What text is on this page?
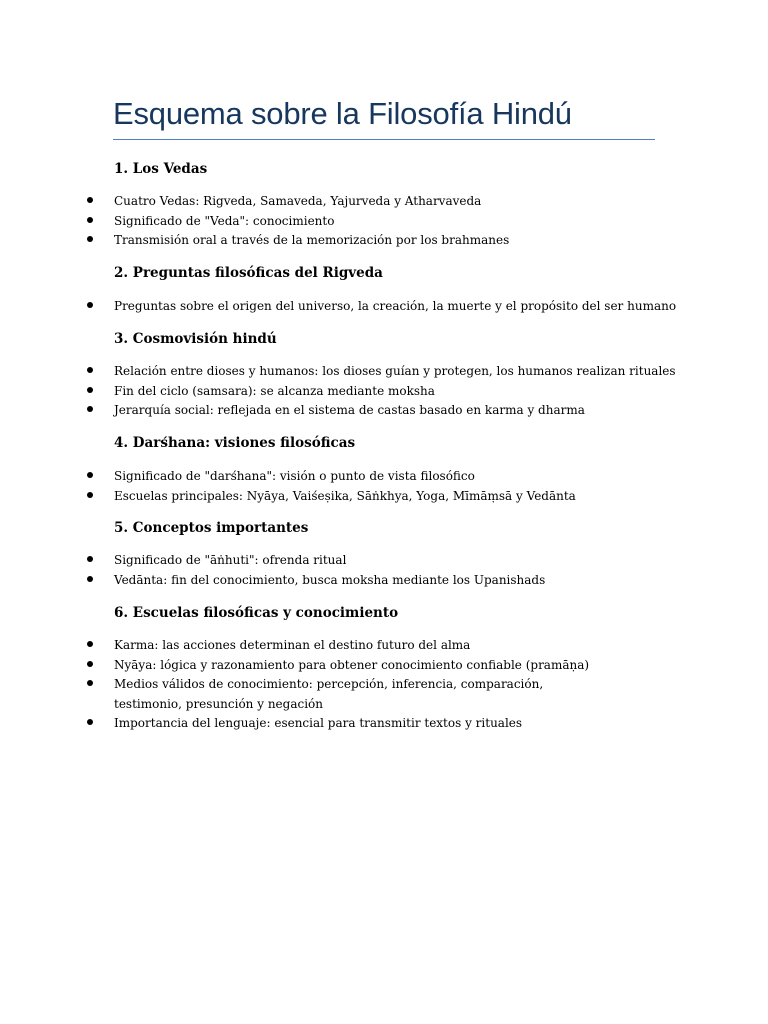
Esquema sobre la Filosofía Hindú
1. Los Vedas
Cuatro Vedas: Rigveda, Samaveda, Yajurveda y Atharvaveda
Significado de "Veda": conocimiento
Transmisión oral a través de la memorización por los brahmanes
2. Preguntas filosóficas del Rigveda
Preguntas sobre el origen del universo, la creación, la muerte y el propósito del ser humano
3. Cosmovisión hindú
Relación entre dioses y humanos: los dioses guían y protegen, los humanos realizan rituales
Fin del ciclo (samsara): se alcanza mediante moksha
Jerarquía social: reflejada en el sistema de castas basado en karma y dharma
4. Darśhana: visiones filosóficas
Significado de "darśhana": visión o punto de vista filosófico
Escuelas principales: Nyāya, Vaiśeṣika, Sāṅkhya, Yoga, Mīmāṃsā y Vedānta
5. Conceptos importantes
Significado de "āṅhuti": ofrenda ritual
Vedānta: fin del conocimiento, busca moksha mediante los Upanishads
6. Escuelas filosóficas y conocimiento
Karma: las acciones determinan el destino futuro del alma
Nyāya: lógica y razonamiento para obtener conocimiento confiable (pramāṇa)
Medios válidos de conocimiento: percepción, inferencia, comparación, testimonio, presunción y negación
Importancia del lenguaje: esencial para transmitir textos y rituales
